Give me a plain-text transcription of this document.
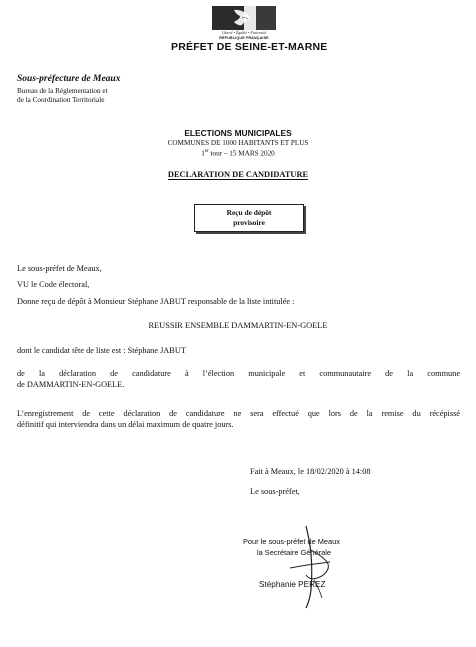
Liberté • Égalité • Fraternité
RÉPUBLIQUE FRANÇAISE
PRÉFET DE SEINE-ET-MARNE
Sous-préfecture de Meaux
Bureau de la Réglementation et
de la Coordination Territoriale
ELECTIONS MUNICIPALES
COMMUNES DE 1000 HABITANTS ET PLUS
1er tour – 15 MARS 2020
DECLARATION DE CANDIDATURE
Reçu de dépôt
provisoire
Le sous-préfet de Meaux,
VU le Code électoral,
Donne reçu de dépôt à Monsieur Stéphane JABUT responsable de la liste intitulée :
REUSSIR ENSEMBLE DAMMARTIN-EN-GOELE
dont le candidat tête de liste est : Stéphane JABUT
de la déclaration de candidature à l’élection municipale et communautaire de la commune
de DAMMARTIN-EN-GOELE.
L’enregistrement de cette déclaration de candidature ne sera effectué que lors de la remise du récépissé
définitif qui interviendra dans un délai maximum de quatre jours.
Fait à Meaux, le 18/02/2020 à 14:08
Le sous-préfet,
Pour le sous-préfet de Meaux
la Secrétaire Générale
Stéphanie PEREZ
